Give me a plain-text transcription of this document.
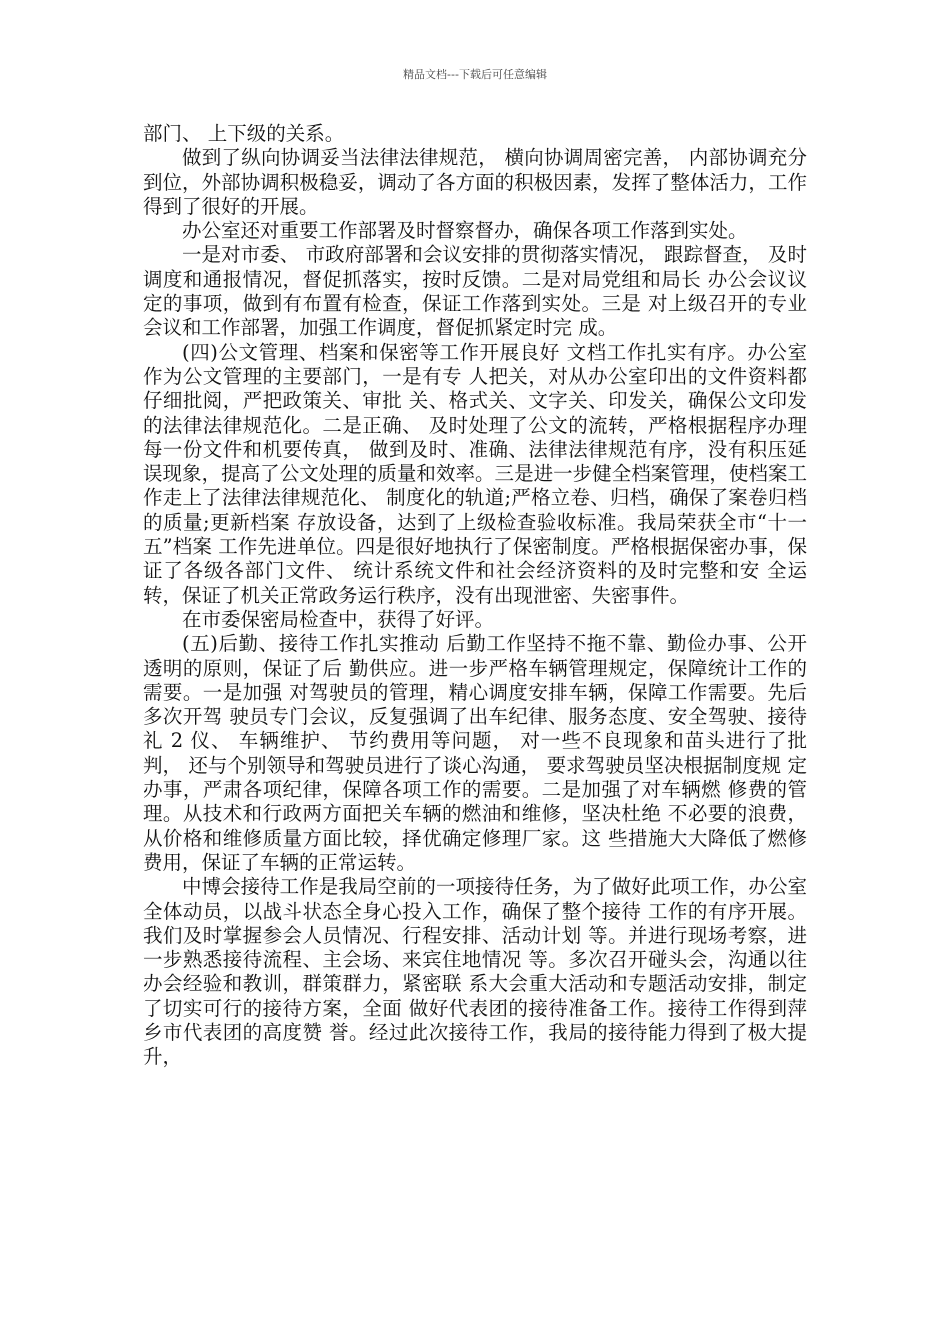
精品文档---下载后可任意编辑

部门、 上下级的关系。

做到了纵向协调妥当法律法律规范， 横向协调周密完善， 内部协调充分到位，外部协调积极稳妥，调动了各方面的积极因素，发挥了整体活力，工作得到了很好的开展。

办公室还对重要工作部署及时督察督办，确保各项工作落到实处。

一是对市委、 市政府部署和会议安排的贯彻落实情况， 跟踪督查， 及时调度和通报情况，督促抓落实，按时反馈。二是对局党组和局长 办公会议议定的事项，做到有布置有检查，保证工作落到实处。三是 对上级召开的专业会议和工作部署，加强工作调度，督促抓紧定时完 成。

(四)公文管理、档案和保密等工作开展良好 文档工作扎实有序。办公室作为公文管理的主要部门，一是有专 人把关，对从办公室印出的文件资料都仔细批阅，严把政策关、审批 关、格式关、文字关、印发关，确保公文印发的法律法律规范化。二是正确、 及时处理了公文的流转，严格根据程序办理每一份文件和机要传真， 做到及时、准确、法律法律规范有序，没有积压延误现象，提高了公文处理的质量和效率。三是进一步健全档案管理，使档案工作走上了法律法律规范化、 制度化的轨道;严格立卷、归档，确保了案卷归档的质量;更新档案 存放设备，达到了上级检查验收标准。我局荣获全市“十一五”档案 工作先进单位。四是很好地执行了保密制度。严格根据保密办事，保 证了各级各部门文件、 统计系统文件和社会经济资料的及时完整和安 全运转，保证了机关正常政务运行秩序，没有出现泄密、失密事件。

在市委保密局检查中，获得了好评。

(五)后勤、接待工作扎实推动 后勤工作坚持不拖不靠、勤俭办事、公开透明的原则，保证了后 勤供应。进一步严格车辆管理规定，保障统计工作的需要。一是加强 对驾驶员的管理，精心调度安排车辆，保障工作需要。先后多次开驾 驶员专门会议，反复强调了出车纪律、服务态度、安全驾驶、接待礼 2 仪、 车辆维护、 节约费用等问题， 对一些不良现象和苗头进行了批判， 还与个别领导和驾驶员进行了谈心沟通， 要求驾驶员坚决根据制度规 定办事，严肃各项纪律，保障各项工作的需要。二是加强了对车辆燃 修费的管理。从技术和行政两方面把关车辆的燃油和维修，坚决杜绝 不必要的浪费，从价格和维修质量方面比较，择优确定修理厂家。这 些措施大大降低了燃修费用，保证了车辆的正常运转。

中博会接待工作是我局空前的一项接待任务，为了做好此项工作，办公室全体动员，以战斗状态全身心投入工作，确保了整个接待 工作的有序开展。我们及时掌握参会人员情况、行程安排、活动计划 等。并进行现场考察，进一步熟悉接待流程、主会场、来宾住地情况 等。多次召开碰头会，沟通以往办会经验和教训，群策群力，紧密联 系大会重大活动和专题活动安排，制定了切实可行的接待方案，全面 做好代表团的接待准备工作。接待工作得到萍乡市代表团的高度赞 誉。经过此次接待工作，我局的接待能力得到了极大提升，
